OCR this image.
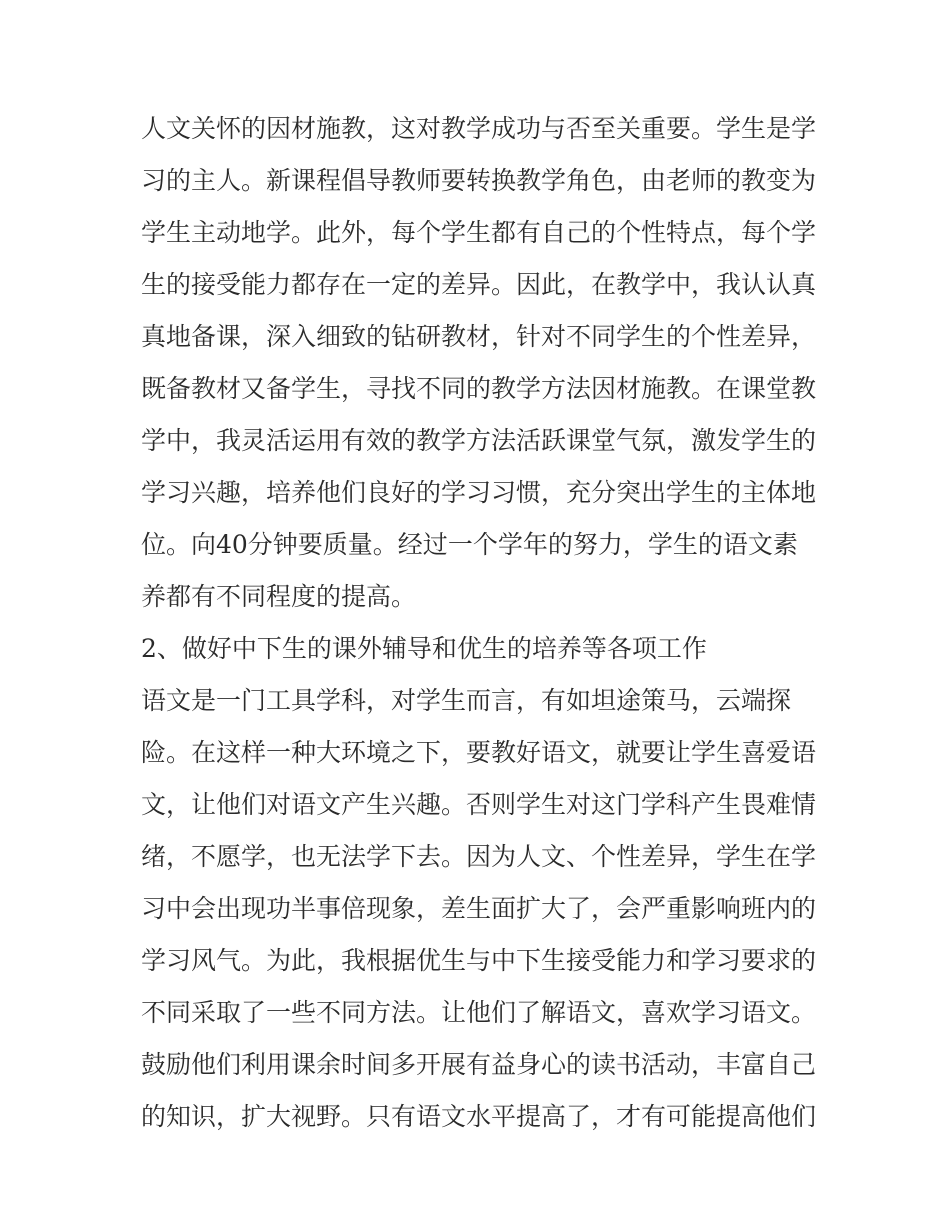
人文关怀的因材施教，这对教学成功与否至关重要。学生是学

习的主人。新课程倡导教师要转换教学角色，由老师的教变为

学生主动地学。此外，每个学生都有自己的个性特点，每个学

生的接受能力都存在一定的差异。因此，在教学中，我认认真

真地备课，深入细致的钻研教材，针对不同学生的个性差异，

既备教材又备学生，寻找不同的教学方法因材施教。在课堂教

学中，我灵活运用有效的教学方法活跃课堂气氛，激发学生的

学习兴趣，培养他们良好的学习习惯，充分突出学生的主体地

位。向40分钟要质量。经过一个学年的努力，学生的语文素

养都有不同程度的提高。

2、做好中下生的课外辅导和优生的培养等各项工作

语文是一门工具学科，对学生而言，有如坦途策马，云端探

险。在这样一种大环境之下，要教好语文，就要让学生喜爱语

文，让他们对语文产生兴趣。否则学生对这门学科产生畏难情

绪，不愿学，也无法学下去。因为人文、个性差异，学生在学

习中会出现功半事倍现象，差生面扩大了，会严重影响班内的

学习风气。为此，我根据优生与中下生接受能力和学习要求的

不同采取了一些不同方法。让他们了解语文，喜欢学习语文。

鼓励他们利用课余时间多开展有益身心的读书活动，丰富自己

的知识，扩大视野。只有语文水平提高了，才有可能提高他们
